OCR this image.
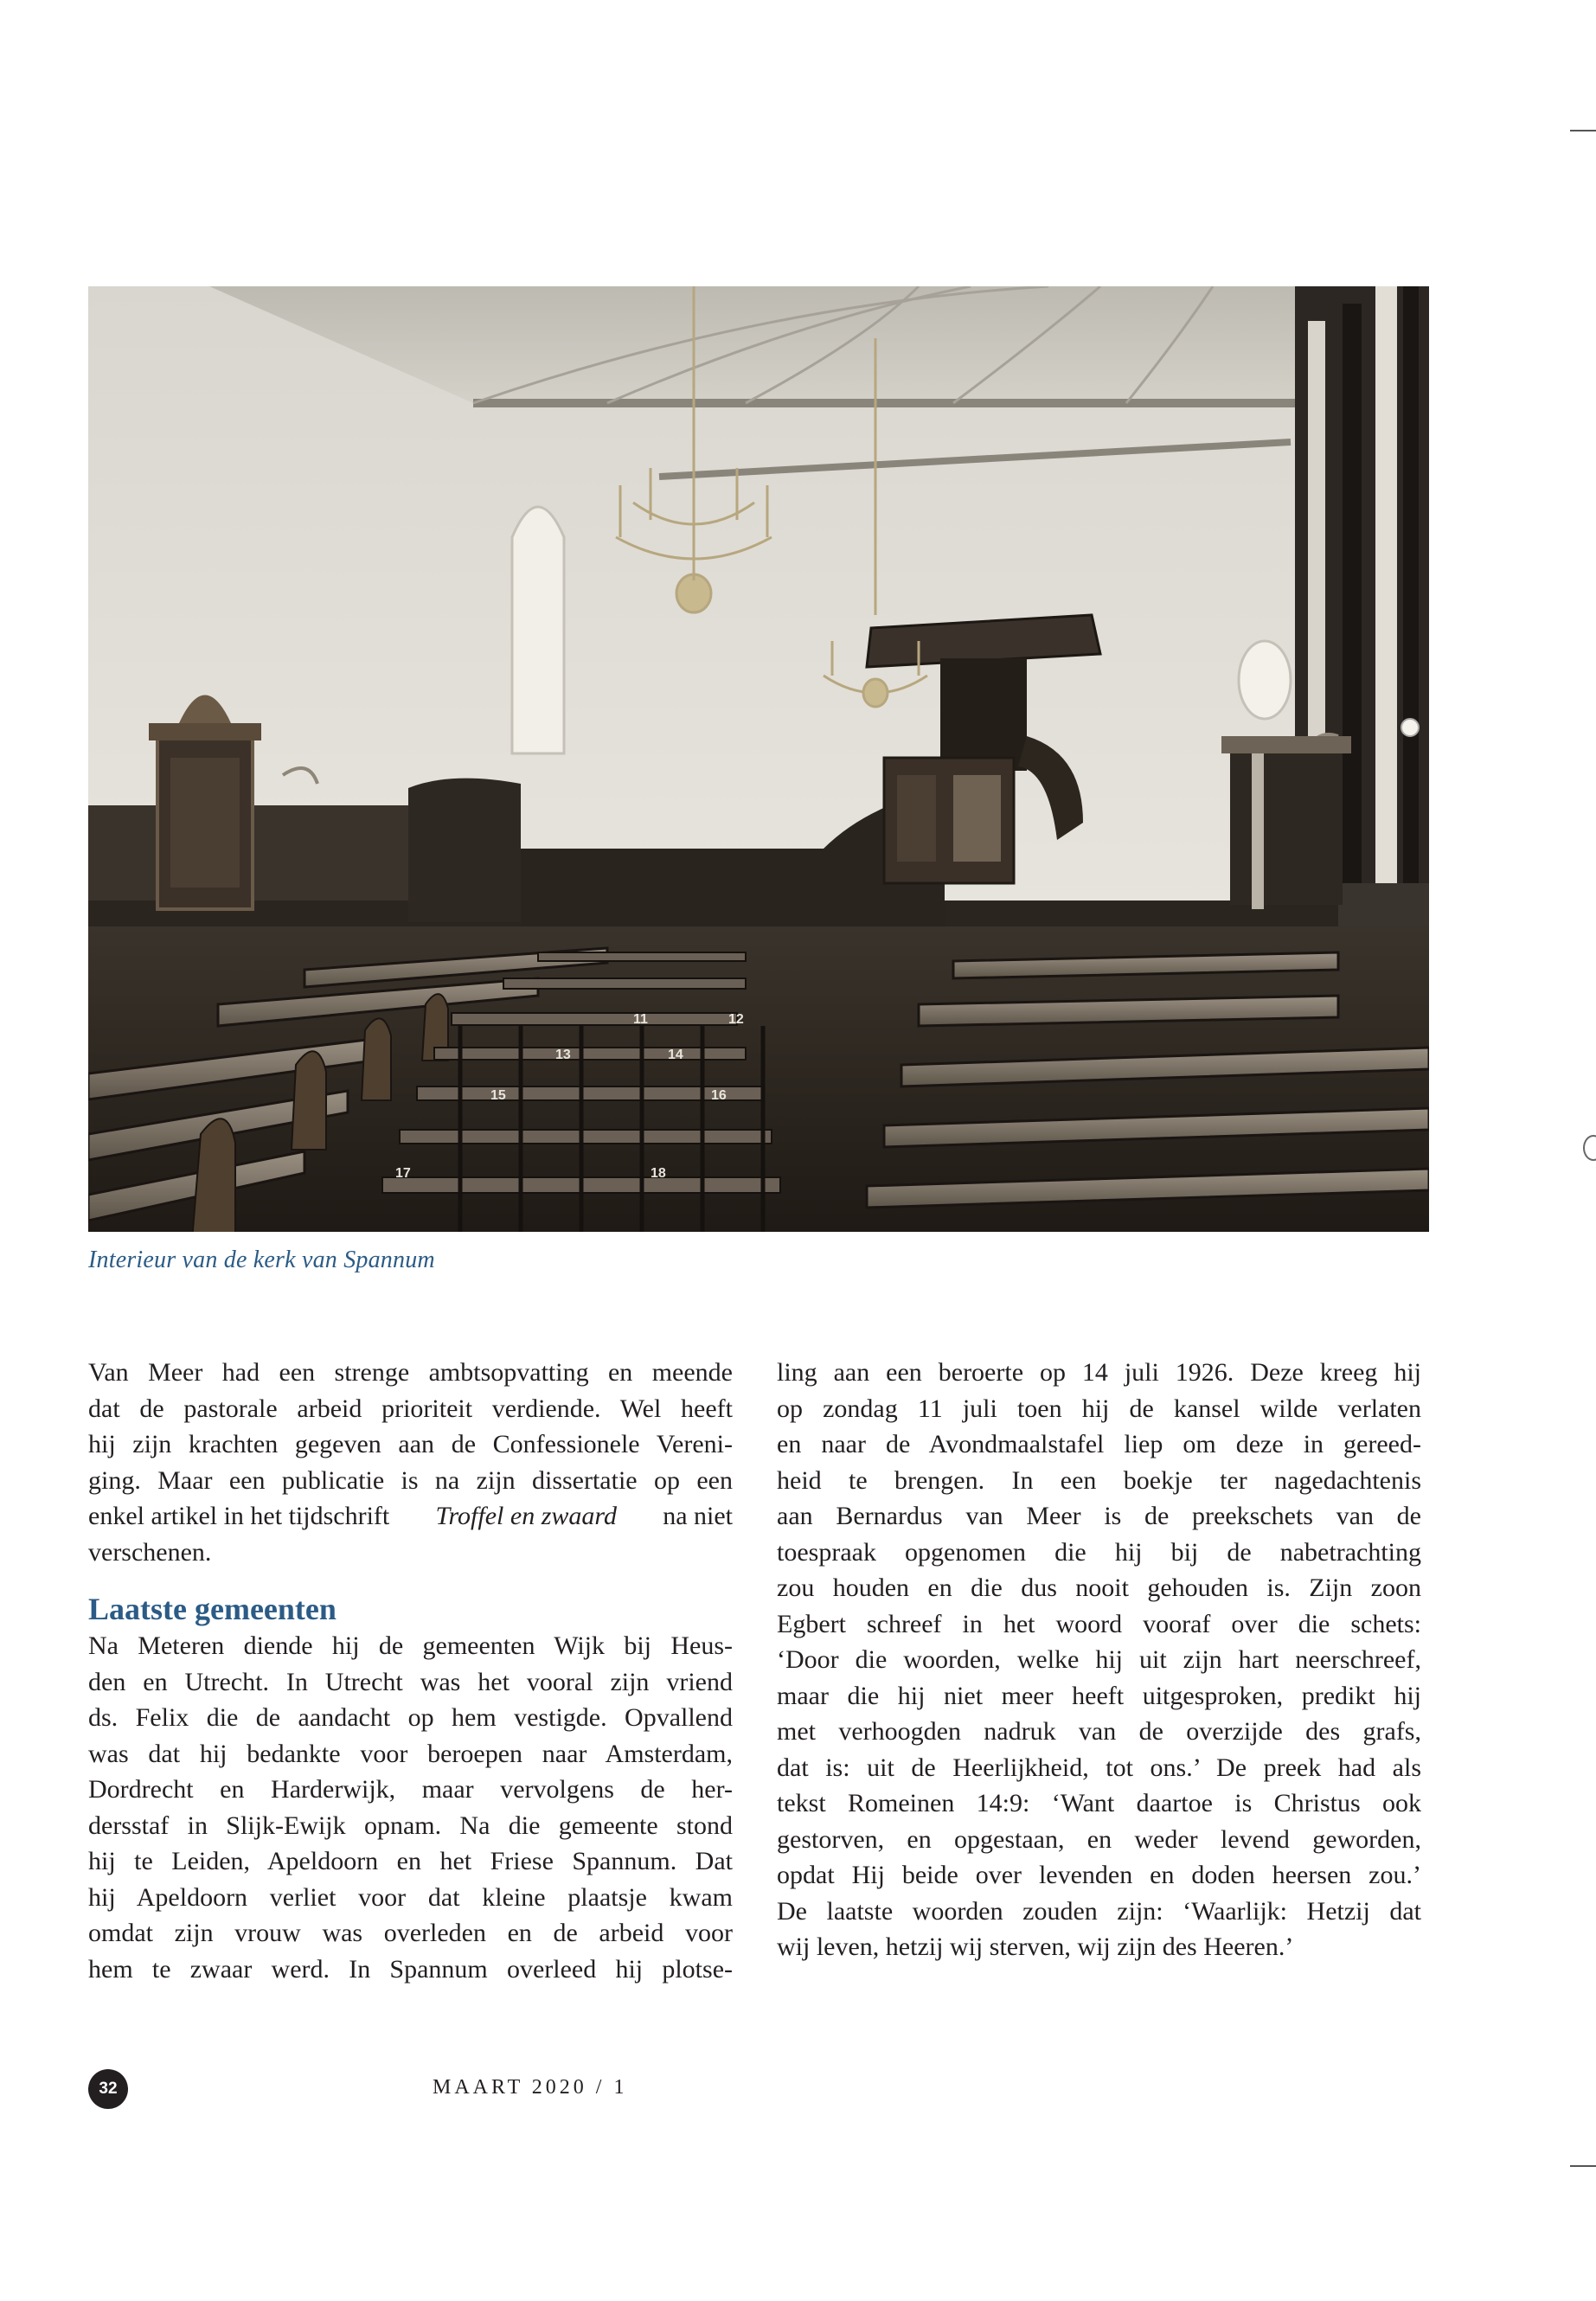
11	12
13	14
15	16
17	18
Interieur van de kerk van Spannum
Van Meer had een strenge ambtsopvatting en meende
dat de pastorale arbeid prioriteit verdiende. Wel heeft
hij zijn krachten gegeven aan de Confessionele Vereni-
ging. Maar een publicatie is na zijn dissertatie op een
enkel artikel in het tijdschrift Troffel en zwaard na niet
verschenen.
Laatste gemeenten
Na Meteren diende hij de gemeenten Wijk bij Heus-
den en Utrecht. In Utrecht was het vooral zijn vriend
ds. Felix die de aandacht op hem vestigde. Opvallend
was dat hij bedankte voor beroepen naar Amsterdam,
Dordrecht en Harderwijk, maar vervolgens de her-
dersstaf in Slijk-Ewijk opnam. Na die gemeente stond
hij te Leiden, Apeldoorn en het Friese Spannum. Dat
hij Apeldoorn verliet voor dat kleine plaatsje kwam
omdat zijn vrouw was overleden en de arbeid voor
hem te zwaar werd. In Spannum overleed hij plotse-
ling aan een beroerte op 14 juli 1926. Deze kreeg hij
op zondag 11 juli toen hij de kansel wilde verlaten
en naar de Avondmaalstafel liep om deze in gereed-
heid te brengen. In een boekje ter nagedachtenis
aan Bernardus van Meer is de preekschets van de
toespraak opgenomen die hij bij de nabetrachting
zou houden en die dus nooit gehouden is. Zijn zoon
Egbert schreef in het woord vooraf over die schets:
‘Door die woorden, welke hij uit zijn hart neerschreef,
maar die hij niet meer heeft uitgesproken, predikt hij
met verhoogden nadruk van de overzijde des grafs,
dat is: uit de Heerlijkheid, tot ons.’ De preek had als
tekst Romeinen 14:9: ‘Want daartoe is Christus ook
gestorven, en opgestaan, en weder levend geworden,
opdat Hij beide over levenden en doden heersen zou.’
De laatste woorden zouden zijn: ‘Waarlijk: Hetzij dat
wij leven, hetzij wij sterven, wij zijn des Heeren.’
32	MAART 2020 / 1
